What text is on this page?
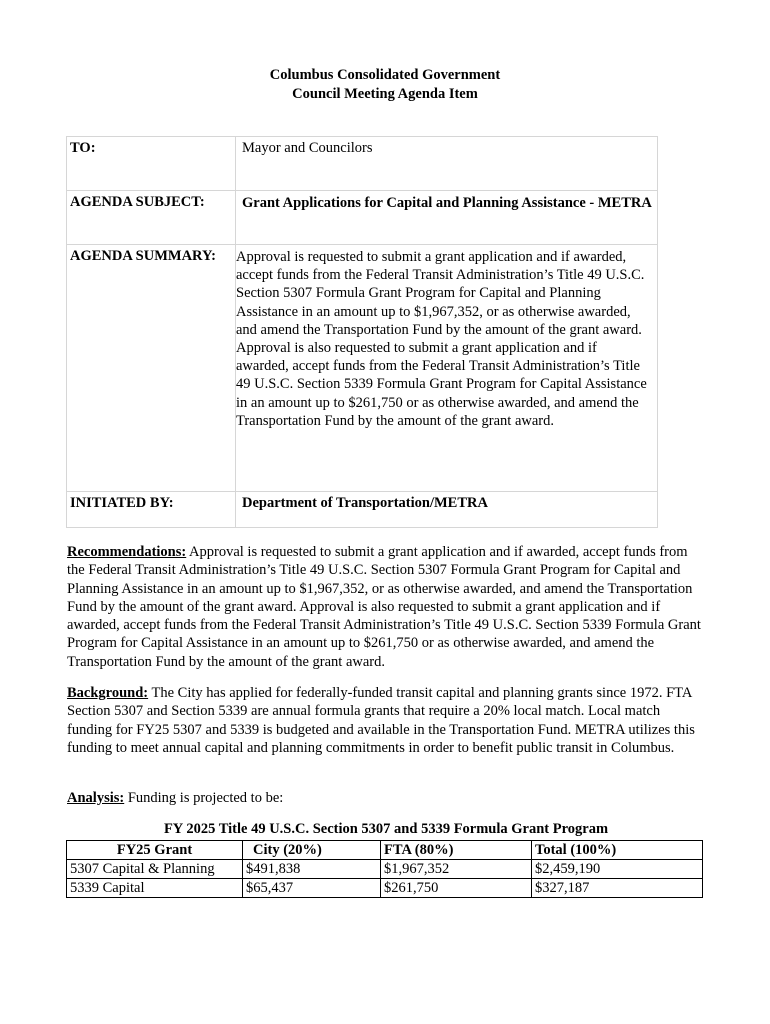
Columbus Consolidated Government
Council Meeting Agenda Item
TO:	Mayor and Councilors
AGENDA SUBJECT:	Grant Applications for Capital and Planning Assistance - METRA
AGENDA SUMMARY:	Approval is requested to submit a grant application and if awarded, accept funds from the Federal Transit Administration’s Title 49 U.S.C. Section 5307 Formula Grant Program for Capital and Planning Assistance in an amount up to $1,967,352, or as otherwise awarded, and amend the Transportation Fund by the amount of the grant award. Approval is also requested to submit a grant application and if awarded, accept funds from the Federal Transit Administration’s Title 49 U.S.C. Section 5339 Formula Grant Program for Capital Assistance in an amount up to $261,750 or as otherwise awarded, and amend the Transportation Fund by the amount of the grant award.
INITIATED BY:	Department of Transportation/METRA
Recommendations: Approval is requested to submit a grant application and if awarded, accept funds from the Federal Transit Administration’s Title 49 U.S.C. Section 5307 Formula Grant Program for Capital and Planning Assistance in an amount up to $1,967,352, or as otherwise awarded, and amend the Transportation Fund by the amount of the grant award. Approval is also requested to submit a grant application and if awarded, accept funds from the Federal Transit Administration’s Title 49 U.S.C. Section 5339 Formula Grant Program for Capital Assistance in an amount up to $261,750 or as otherwise awarded, and amend the Transportation Fund by the amount of the grant award.
Background: The City has applied for federally-funded transit capital and planning grants since 1972. FTA Section 5307 and Section 5339 are annual formula grants that require a 20% local match. Local match funding for FY25 5307 and 5339 is budgeted and available in the Transportation Fund. METRA utilizes this funding to meet annual capital and planning commitments in order to benefit public transit in Columbus.
Analysis: Funding is projected to be:
FY 2025 Title 49 U.S.C. Section 5307 and 5339 Formula Grant Program
FY25 Grant	City (20%)	FTA (80%)	Total (100%)
5307 Capital & Planning	$491,838	$1,967,352	$2,459,190
5339 Capital	$65,437	$261,750	$327,187
